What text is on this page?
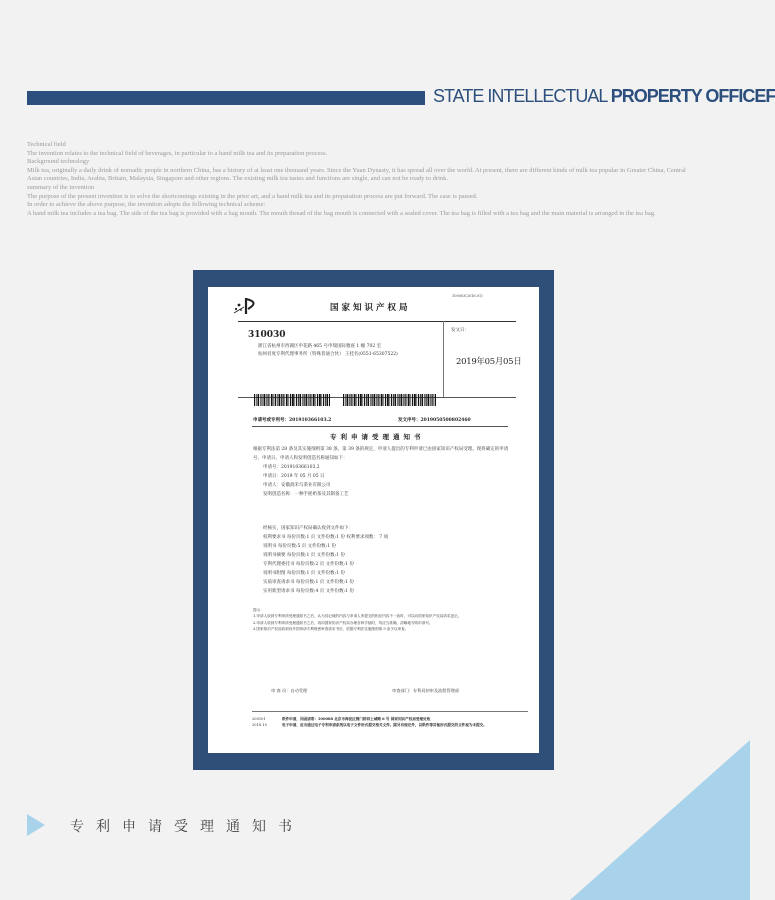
STATE INTELLECTUAL PROPERTY OFFICEF

Technical field

The invention relates to the technical field of beverages, in particular to a hand milk tea and its preparation process.

Background technology

Milk tea, originally a daily drink of nomadic people in northern China, has a history of at least one thousand years. Since the Yuan Dynasty, it has spread all over the world. At present, there are different kinds of milk tea popular in Greater China, Central Asian countries, India, Arabia, Britain, Malaysia, Singapore and other regions. The existing milk tea tastes and functions are single, and can not be ready to drink.

summary of the invention

The purpose of the present invention is to solve the shortcomings existing in the prior art, and a hand milk tea and its preparation process are put forward. The case is passed.

In order to achieve the above purpose, the invention adopts the following technical scheme:

A hand milk tea includes a tea bag. The side of the tea bag is provided with a bag mouth. The mouth thread of the bag mouth is connected with a sealed cover. The tea bag is filled with a tea bag and the main material is arranged in the tea bag.

国家知识产权局
100003(2016.01)
310030
浙江省杭州市西湖区申花路 465 号申瑞国际雅座 1 幢 702 室
杭州君度专利代理事务所（特殊普通合伙） 王桂名(0551-65307522)
发文日：
2019年05月05日
申请号或专利号：201910366103.2	发文序号：2019050500802460
专利申请受理通知书

根据专利法第 28 条及其实施细则第 38 条、第 39 条的规定，申请人提出的专利申请已由国家知识产权局受理。现将确定的申请号、申请日、申请人和发明创造名称通知如下：

申请号：201910366103.2

申请日：2019 年 05 月 05 日

申请人：安徽润禾鸟茶业有限公司

发明创造名称：一种手摇奶茶及其制备工艺

经核实，国家知识产权局确认收到文件如下：

权利要求书 每份页数:1 页 文件份数:1 份 权利要求项数： 7 项

说明书 每份页数:5 页 文件份数:1 份

说明书摘要 每份页数:1 页 文件份数:1 份

专利代理委托书 每份页数:2 页 文件份数:1 份

说明书附图 每份页数:1 页 文件份数:1 份

实质审查请求书 每份页数:1 页 文件份数:1 份

实用新型请求书 每份页数:4 页 文件份数:1 份

提示：

1.申请人收到专利申请受理通知书之后，认为其记载的内容与申请人所提交的相应内容不一致时，可以向国家知识产权局请求更正。

2.申请人收到专利申请受理通知书之后，再向国家知识产权局办理各种手续时，均应当准确、清晰地写明申请号。

3.国家知识产权局收到向外国申请专利保密审查请求书后，依据专利法实施细则第 9 条予以审查。

审 查 员：自动受理	审查部门：专利局初审及流程管理部

200101

2018.10

纸件申请，回函请寄：100088 北京市海淀区蓟门桥西土城路 6 号 国家知识产权局受理处收

电子申请，应当通过电子专利申请系统以电子文件形式提交相关文件。除另有规定外，以纸件等其他形式提交的文件视为未提交。

专利申请受理通知书
